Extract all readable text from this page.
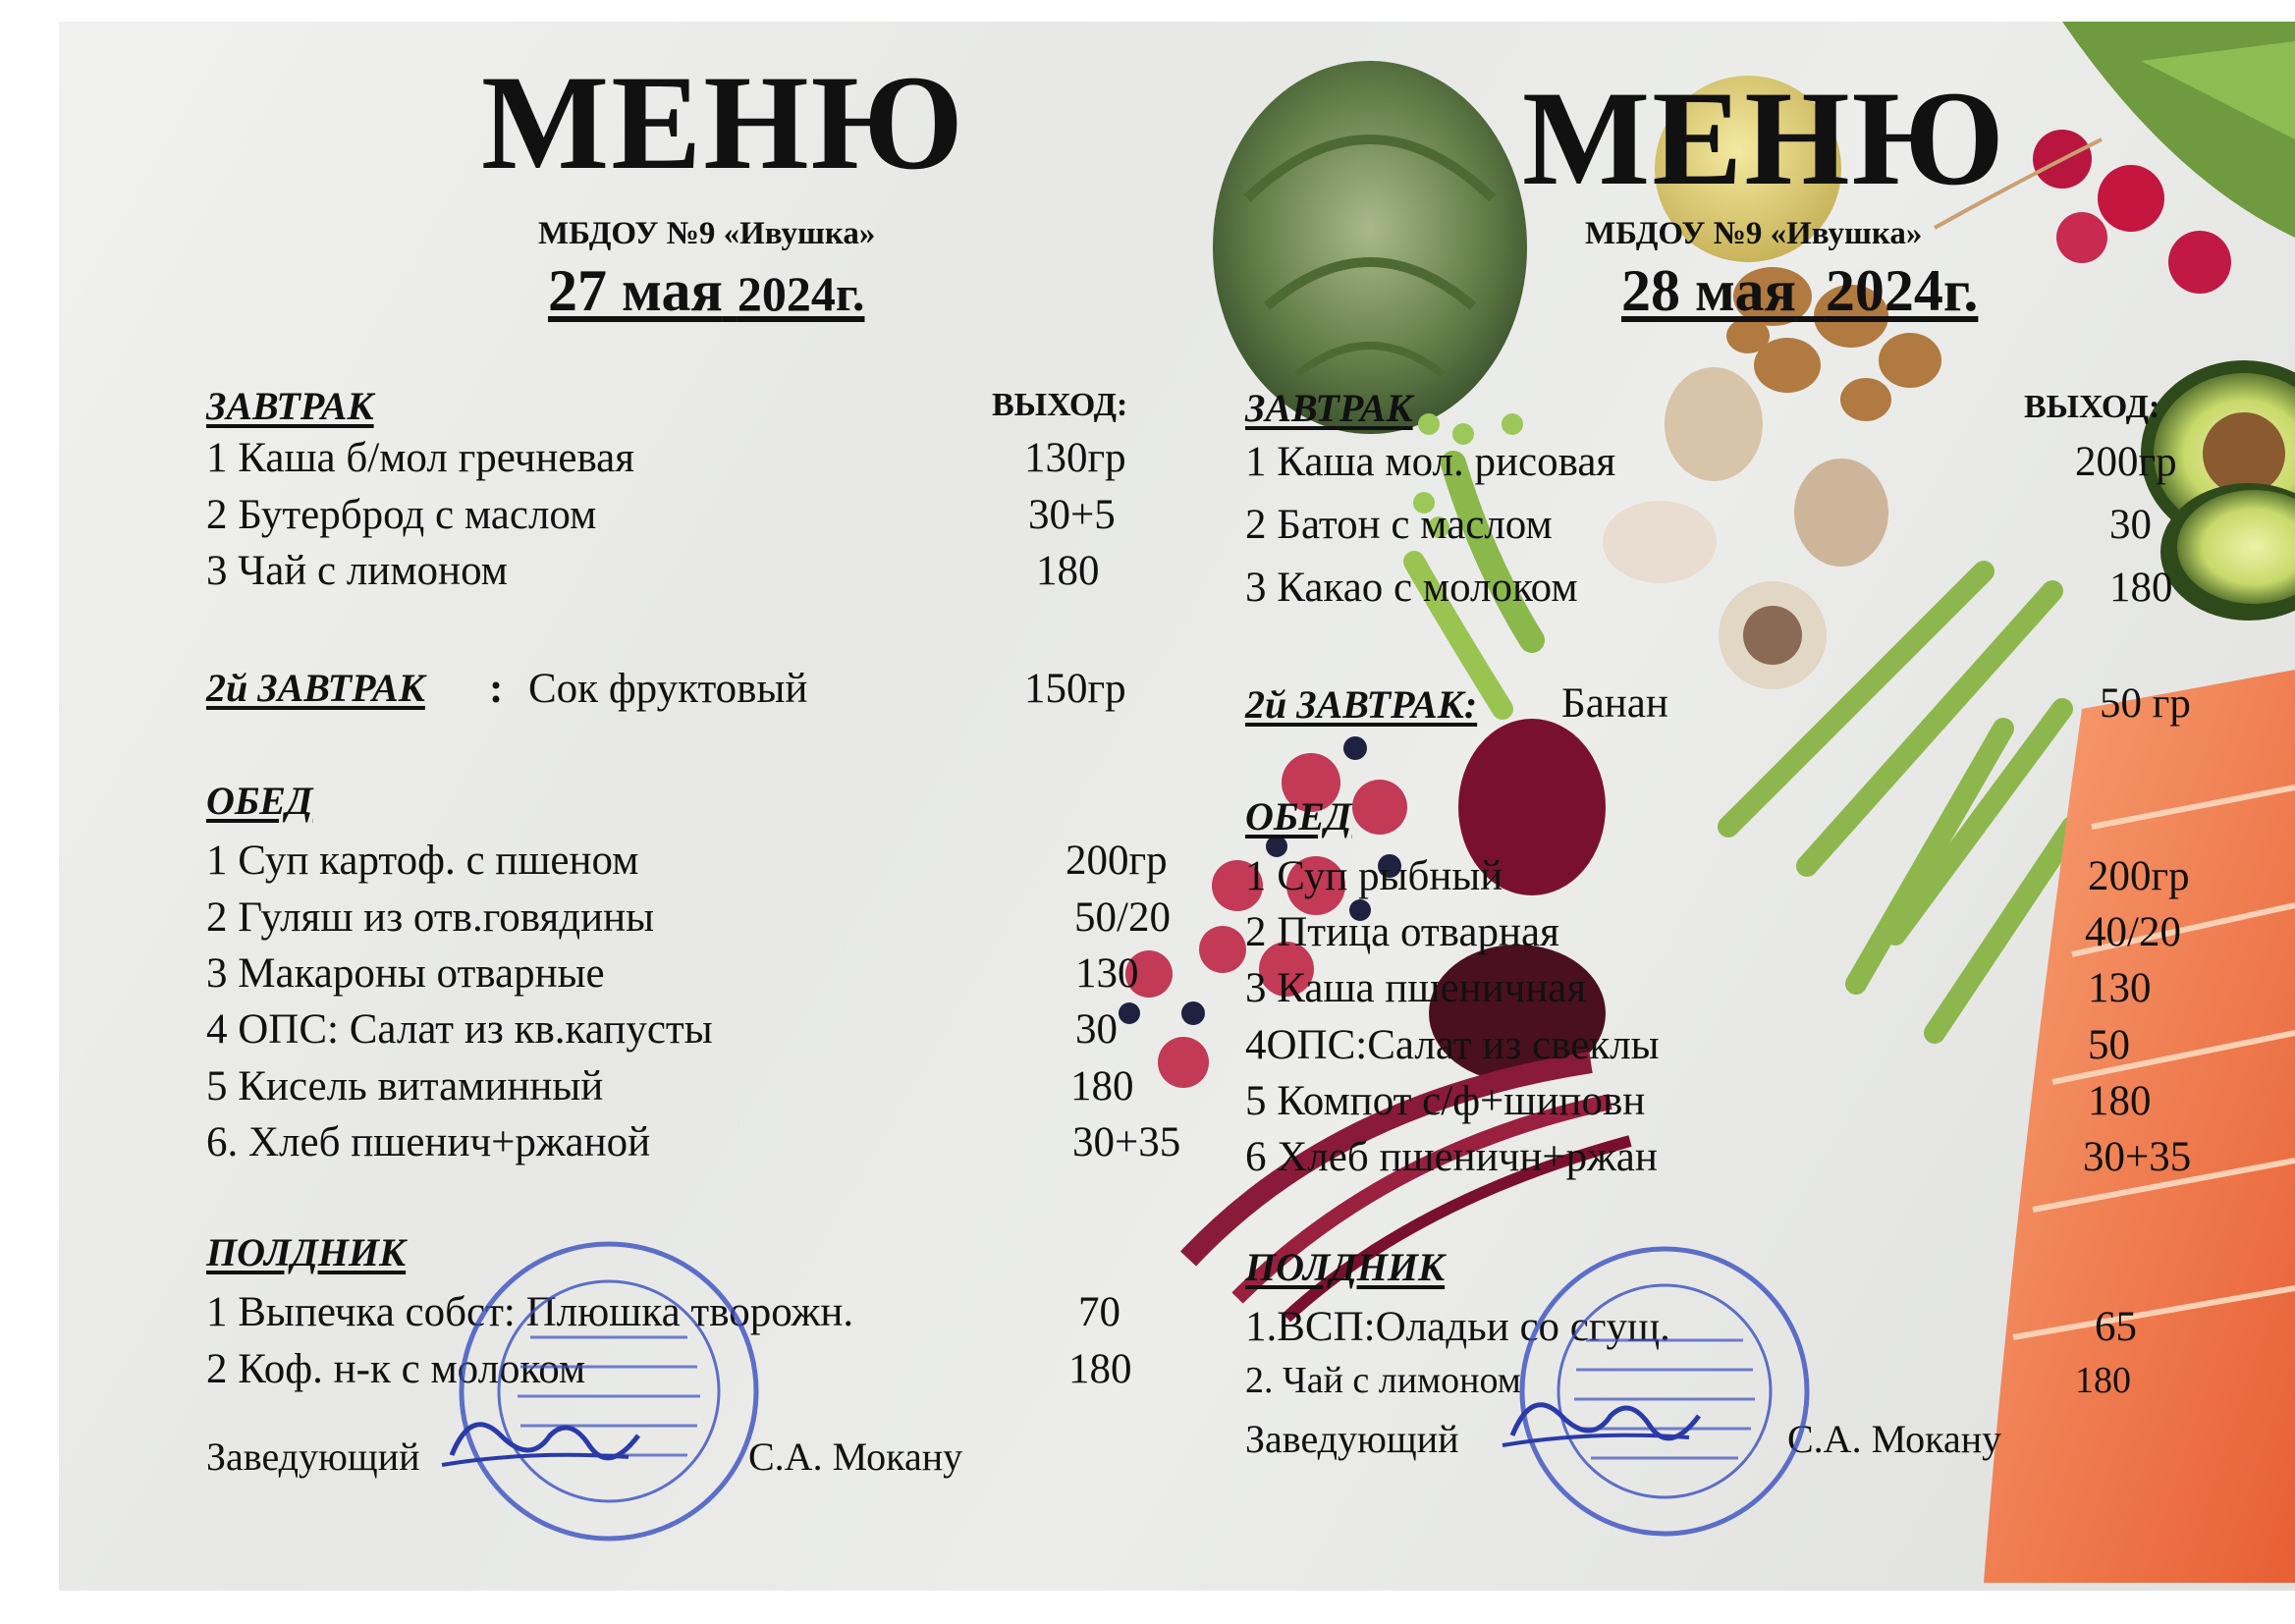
МЕНЮ
МБДОУ №9 «Ивушка»
27 мая 2024г.
ЗАВТРАК	ВЫХОД:
1 Каша б/мол гречневая	130гр
2 Бутерброд с маслом	30+5
3 Чай с лимоном	180
2й ЗАВТРАК : Сок фруктовый	150гр
ОБЕД
1 Суп картоф. с пшеном	200гр
2 Гуляш из отв.говядины	50/20
3 Макароны отварные	130
4 ОПС: Салат из кв.капусты	30
5 Кисель витаминный	180
6. Хлеб пшенич+ржаной	30+35
ПОЛДНИК
1 Выпечка собст: Плюшка творожн.	70
2 Коф. н-к с молоком	180
Заведующий	С.А. Мокану
МЕНЮ
МБДОУ №9 «Ивушка»
28 мая 2024г.
ЗАВТРАК	ВЫХОД:
1 Каша мол. рисовая	200гр
2 Батон с маслом	30
3 Какао с молоком	180
2й ЗАВТРАК: Банан	50 гр
ОБЕД
1 Суп рыбный	200гр
2 Птица отварная	40/20
3 Каша пшеничная	130
4ОПС:Салат из свеклы	50
5 Компот с/ф+шиповн	180
6 Хлеб пшеничн+ржан	30+35
ПОЛДНИК
1.ВСП:Оладьи со сгущ.	65
2. Чай с лимоном	180
Заведующий	С.А. Мокану
